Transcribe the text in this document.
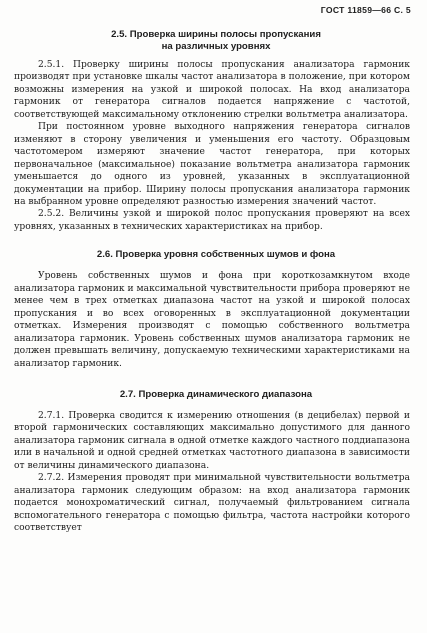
ГОСТ 11859—66 С. 5
2.5. Проверка ширины полосы пропускания
на различных уровнях

2.5.1. Проверку ширины полосы пропускания анализатора гармоник производят при установке шкалы частот анализатора в положение, при котором возможны измерения на узкой и широкой полосах. На вход анализатора гармоник от генератора сигналов подается напряжение с частотой, соответствующей максимальному отклонению стрелки вольтметра анализатора.

При постоянном уровне выходного напряжения генератора сигналов изменяют в сторону увеличения и уменьшения его частоту. Образцовым частотомером измеряют значение частот генератора, при которых первоначальное (максимальное) показание вольтметра анализатора гармоник уменьшается до одного из уровней, указанных в эксплуатационной документации на прибор. Ширину полосы пропускания анализатора гармоник на выбранном уровне определяют разностью измерения значений частот.

2.5.2. Величины узкой и широкой полос пропускания проверяют на всех уровнях, указанных в технических характеристиках на прибор.

2.6. Проверка уровня собственных шумов и фона

Уровень собственных шумов и фона при короткозамкнутом входе анализатора гармоник и максимальной чувствительности прибора проверяют не менее чем в трех отметках диапазона частот на узкой и широкой полосах пропускания и во всех оговоренных в эксплуатационной документации отметках. Измерения производят с помощью собственного вольтметра анализатора гармоник. Уровень собственных шумов анализатора гармоник не должен превышать величину, допускаемую техническими характеристиками на анализатор гармоник.

2.7. Проверка динамического диапазона

2.7.1. Проверка сводится к измерению отношения (в децибелах) первой и второй гармонических составляющих максимально допустимого для данного анализатора гармоник сигнала в одной отметке каждого частного поддиапазона или в начальной и одной средней отметках частотного диапазона в зависимости от величины динамического диапазона.

2.7.2. Измерения проводят при минимальной чувствительности вольтметра анализатора гармоник следующим образом: на вход анализатора гармоник подается монохроматический сигнал, получаемый фильтрованием сигнала вспомогательного генератора с помощью фильтра, частота настройки которого соответствует
